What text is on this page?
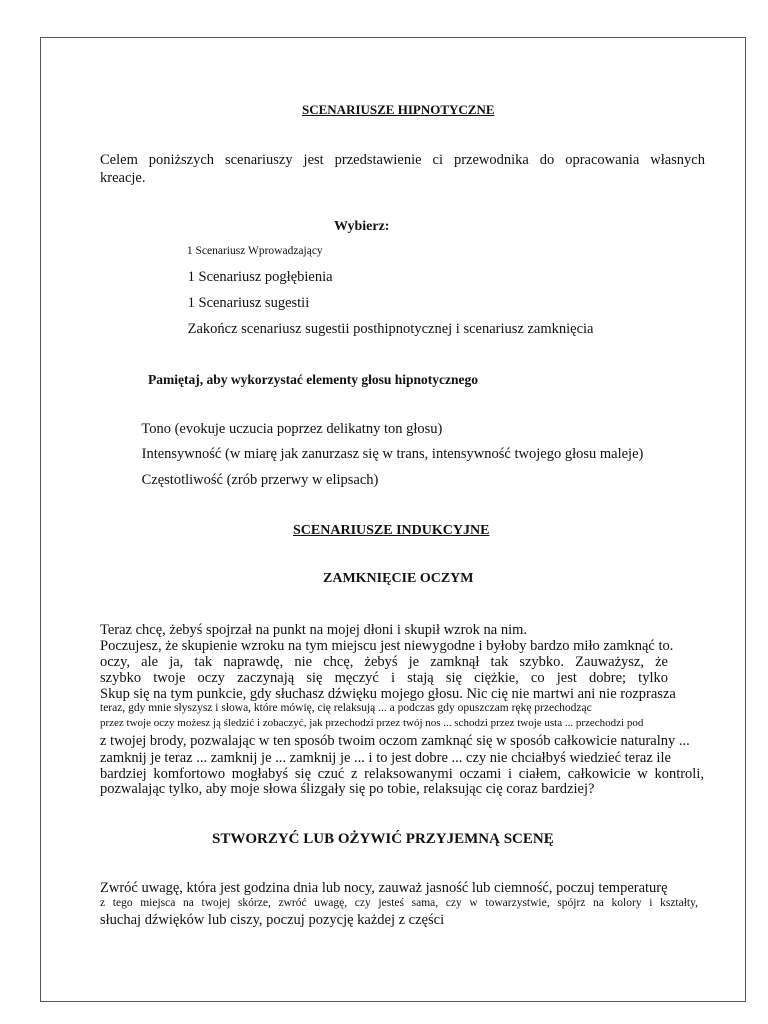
SCENARIUSZE HIPNOTYCZNE
Celem poniższych scenariuszy jest przedstawienie ci przewodnika do opracowania własnych
kreacje.
Wybierz:
1 Scenariusz Wprowadzający
1 Scenariusz pogłębienia
1 Scenariusz sugestii
Zakończ scenariusz sugestii posthipnotycznej i scenariusz zamknięcia
Pamiętaj, aby wykorzystać elementy głosu hipnotycznego
Tono (evokuje uczucia poprzez delikatny ton głosu)
Intensywność (w miarę jak zanurzasz się w trans, intensywność twojego głosu maleje)
Częstotliwość (zrób przerwy w elipsach)
SCENARIUSZE INDUKCYJNE
ZAMKNIĘCIE OCZYM
Teraz chcę, żebyś spojrzał na punkt na mojej dłoni i skupił wzrok na nim.
Poczujesz, że skupienie wzroku na tym miejscu jest niewygodne i byłoby bardzo miło zamknąć to.
oczy, ale ja, tak naprawdę, nie chcę, żebyś je zamknął tak szybko. Zauważysz, że
szybko twoje oczy zaczynają się męczyć i stają się ciężkie, co jest dobre; tylko
Skup się na tym punkcie, gdy słuchasz dźwięku mojego głosu. Nic cię nie martwi ani nie rozprasza
teraz, gdy mnie słyszysz i słowa, które mówię, cię relaksują ... a podczas gdy opuszczam rękę przechodząc
przez twoje oczy możesz ją śledzić i zobaczyć, jak przechodzi przez twój nos ... schodzi przez twoje usta ... przechodzi pod
z twojej brody, pozwalając w ten sposób twoim oczom zamknąć się w sposób całkowicie naturalny ...
zamknij je teraz ... zamknij je ... zamknij je ... i to jest dobre ... czy nie chciałbyś wiedzieć teraz ile
bardziej komfortowo mogłabyś się czuć z relaksowanymi oczami i ciałem, całkowicie w kontroli,
pozwalając tylko, aby moje słowa ślizgały się po tobie, relaksując cię coraz bardziej?
STWORZYĆ LUB OŻYWIĆ PRZYJEMNĄ SCENĘ
Zwróć uwagę, która jest godzina dnia lub nocy, zauważ jasność lub ciemność, poczuj temperaturę
z tego miejsca na twojej skórze, zwróć uwagę, czy jesteś sama, czy w towarzystwie, spójrz na kolory i kształty,
słuchaj dźwięków lub ciszy, poczuj pozycję każdej z części
